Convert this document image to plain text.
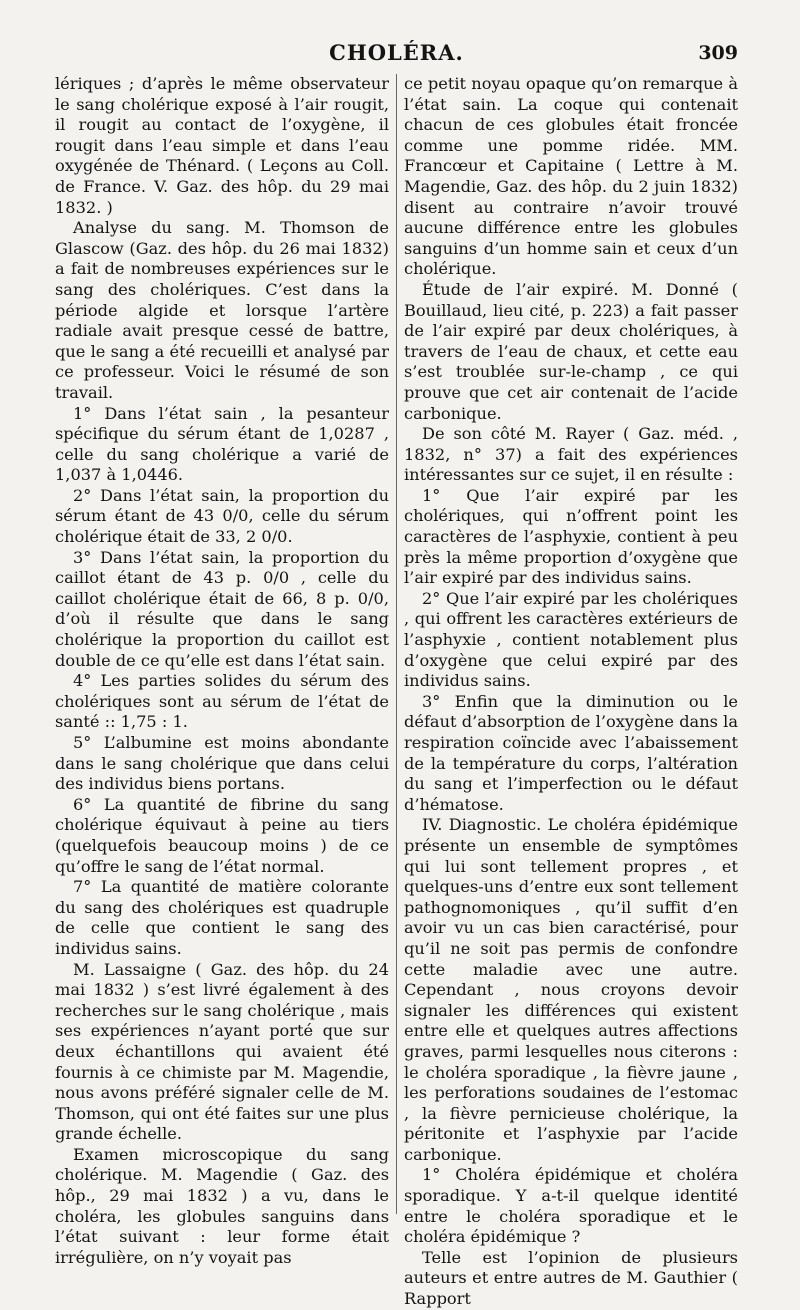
CHOLÉRA.	309

lériques ; d’après le même observateur le sang cholérique exposé à l’air rougit, il rougit au contact de l’oxygène, il rougit dans l’eau simple et dans l’eau oxygénée de Thénard. ( Leçons au Coll. de France. V. Gaz. des hôp. du 29 mai 1832. )

Analyse du sang. M. Thomson de Glascow (Gaz. des hôp. du 26 mai 1832) a fait de nombreuses expériences sur le sang des cholériques. C’est dans la période algide et lorsque l’artère radiale avait presque cessé de battre, que le sang a été recueilli et analysé par ce professeur. Voici le résumé de son travail.

1° Dans l’état sain , la pesanteur spécifique du sérum étant de 1,0287 , celle du sang cholérique a varié de 1,037 à 1,0446.

2° Dans l’état sain, la proportion du sérum étant de 43 0/0, celle du sérum cholérique était de 33, 2 0/0.

3° Dans l’état sain, la proportion du caillot étant de 43 p. 0/0 , celle du caillot cholérique était de 66, 8 p. 0/0, d’où il résulte que dans le sang cholérique la proportion du caillot est double de ce qu’elle est dans l’état sain.

4° Les parties solides du sérum des cholériques sont au sérum de l’état de santé :: 1,75 : 1.

5° L’albumine est moins abondante dans le sang cholérique que dans celui des individus biens portans.

6° La quantité de fibrine du sang cholérique équivaut à peine au tiers (quelquefois beaucoup moins ) de ce qu’offre le sang de l’état normal.

7° La quantité de matière colorante du sang des cholériques est quadruple de celle que contient le sang des individus sains.

M. Lassaigne ( Gaz. des hôp. du 24 mai 1832 ) s’est livré également à des recherches sur le sang cholérique , mais ses expériences n’ayant porté que sur deux échantillons qui avaient été fournis à ce chimiste par M. Magendie, nous avons préféré signaler celle de M. Thomson, qui ont été faites sur une plus grande échelle.

Examen microscopique du sang cholérique. M. Magendie ( Gaz. des hôp., 29 mai 1832 ) a vu, dans le choléra, les globules sanguins dans l’état suivant : leur forme était irrégulière, on n’y voyait pas

ce petit noyau opaque qu’on remarque à l’état sain. La coque qui contenait chacun de ces globules était froncée comme une pomme ridée. MM. Francœur et Capitaine ( Lettre à M. Magendie, Gaz. des hôp. du 2 juin 1832) disent au contraire n’avoir trouvé aucune différence entre les globules sanguins d’un homme sain et ceux d’un cholérique.

Étude de l’air expiré. M. Donné ( Bouillaud, lieu cité, p. 223) a fait passer de l’air expiré par deux cholériques, à travers de l’eau de chaux, et cette eau s’est troublée sur-le-champ , ce qui prouve que cet air contenait de l’acide carbonique.

De son côté M. Rayer ( Gaz. méd. , 1832, n° 37) a fait des expériences intéressantes sur ce sujet, il en résulte :

1° Que l’air expiré par les cholériques, qui n’offrent point les caractères de l’asphyxie, contient à peu près la même proportion d’oxygène que l’air expiré par des individus sains.

2° Que l’air expiré par les cholériques , qui offrent les caractères extérieurs de l’asphyxie , contient notablement plus d’oxygène que celui expiré par des individus sains.

3° Enfin que la diminution ou le défaut d’absorption de l’oxygène dans la respiration coïncide avec l’abaissement de la température du corps, l’altération du sang et l’imperfection ou le défaut d’hématose.

IV. Diagnostic. Le choléra épidémique présente un ensemble de symptômes qui lui sont tellement propres , et quelques-uns d’entre eux sont tellement pathognomoniques , qu’il suffit d’en avoir vu un cas bien caractérisé, pour qu’il ne soit pas permis de confondre cette maladie avec une autre. Cependant , nous croyons devoir signaler les différences qui existent entre elle et quelques autres affections graves, parmi lesquelles nous citerons : le choléra sporadique , la fièvre jaune , les perforations soudaines de l’estomac , la fièvre pernicieuse cholérique, la péritonite et l’asphyxie par l’acide carbonique.

1° Choléra épidémique et choléra sporadique. Y a-t-il quelque identité entre le choléra sporadique et le choléra épidémique ?

Telle est l’opinion de plusieurs auteurs et entre autres de M. Gauthier ( Rapport
